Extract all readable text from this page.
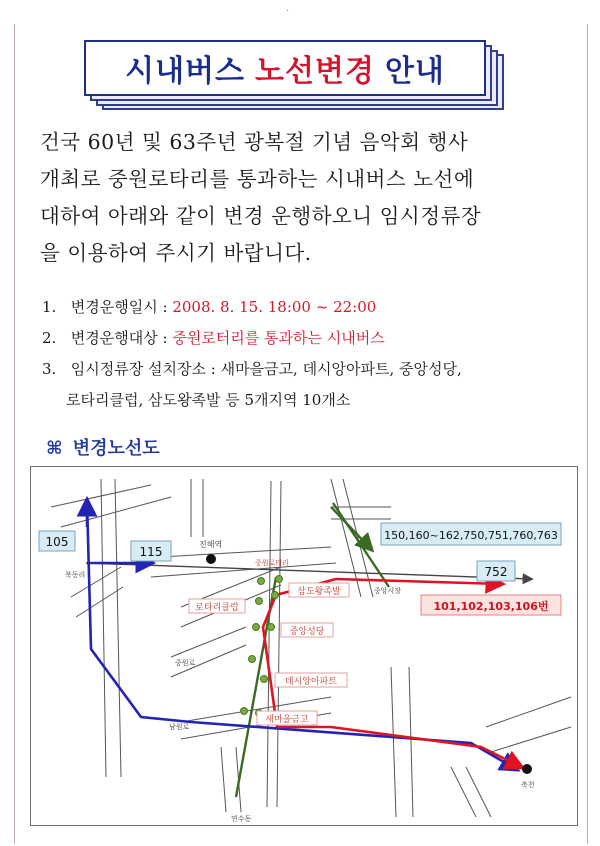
·
시내버스 노선변경 안내

건국 60년 및 63주년 광복절 기념 음악회 행사
개최로 중원로타리를 통과하는 시내버스 노선에
대하여 아래와 같이 변경 운행하오니 임시정류장
을 이용하여 주시기 바랍니다.

1. 변경운행일시 : 2008. 8. 15. 18:00 ~ 22:00
2. 변경운행대상 : 중원로터리를 통과하는 시내버스
3. 임시정류장 설치장소 : 새마을금고, 데시앙아파트, 중앙성당,
로타리클럽, 삼도왕족발 등 5개지역 10개소
⌘ 변경노선도
105
115
150,160~162,750,751,760,763
752
101,102,103,106번
삼도왕족발
로타리클럽
중앙성당
데시앙아파트
새마을금고
진해역
중원로터리
북동리
중원로
중앙시장
남원로
연수동
축천
